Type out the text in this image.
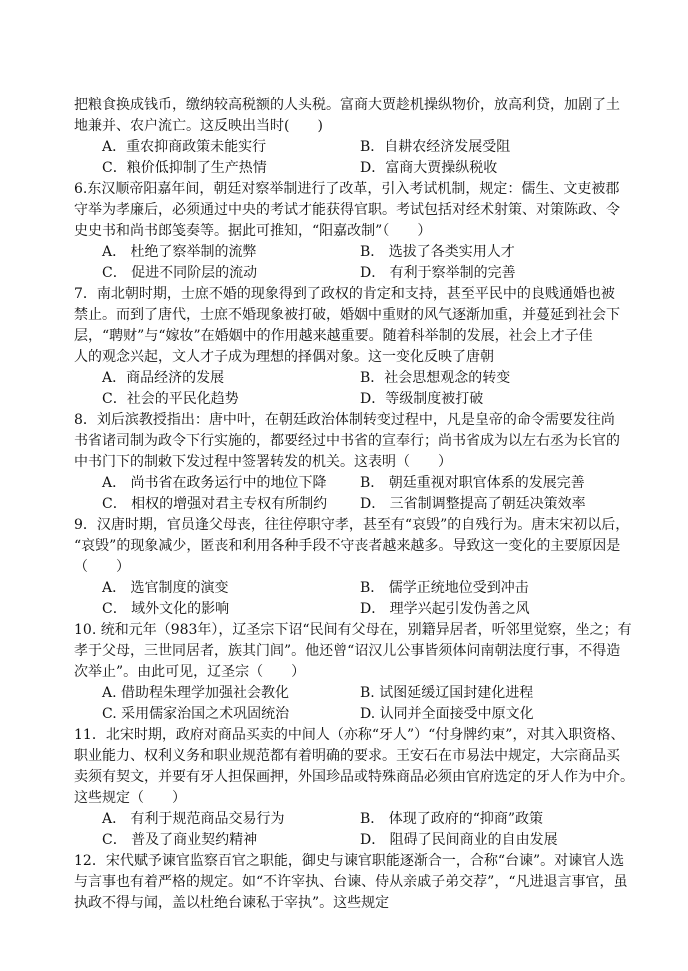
把粮食换成钱币，缴纳较高税额的人头税。富商大贾趁机操纵物价，放高利贷，加剧了土
地兼并、农户流亡。这反映出当时(　　)
A．重农抑商政策未能实行	B．自耕农经济发展受阻
C．粮价低抑制了生产热情	D．富商大贾操纵税收
6.东汉顺帝阳嘉年间，朝廷对察举制进行了改革，引入考试机制，规定：儒生、文吏被郡
守举为孝廉后，必须通过中央的考试才能获得官职。考试包括对经术射策、对策陈政、令
史史书和尚书郎笺奏等。据此可推知，“阳嘉改制”（　　）
A． 杜绝了察举制的流弊	B． 选拔了各类实用人才
C． 促进不同阶层的流动	D． 有利于察举制的完善
7．南北朝时期，士庶不婚的现象得到了政权的肯定和支持，甚至平民中的良贱通婚也被
禁止。而到了唐代，士庶不婚现象被打破，婚姻中重财的风气逐渐加重，并蔓延到社会下
层，“聘财”与“嫁妆”在婚姻中的作用越来越重要。随着科举制的发展，社会上才子佳
人的观念兴起，文人才子成为理想的择偶对象。这一变化反映了唐朝
A．商品经济的发展	B．社会思想观念的转变
C．社会的平民化趋势	D．等级制度被打破
8．刘后滨教授指出：唐中叶，在朝廷政治体制转变过程中，凡是皇帝的命令需要发往尚
书省诸司制为政令下行实施的，都要经过中书省的宣奉行；尚书省成为以左右丞为长官的
中书门下的制敕下发过程中签署转发的机关。这表明（　　）
A． 尚书省在政务运行中的地位下降	B． 朝廷重视对职官体系的发展完善
C． 相权的增强对君主专权有所制约	D． 三省制调整提高了朝廷决策效率
9．汉唐时期，官员逢父母丧，往往停职守孝，甚至有“哀毁”的自残行为。唐末宋初以后，
“哀毁”的现象减少，匿丧和利用各种手段不守丧者越来越多。导致这一变化的主要原因是
（　　）
A． 选官制度的演变	B． 儒学正统地位受到冲击
C． 域外文化的影响	D． 理学兴起引发伪善之风
10. 统和元年（983年），辽圣宗下诏“民间有父母在，别籍异居者，听邻里觉察，坐之；有
孝于父母，三世同居者，族其门闾”。他还曾“诏汉儿公事皆须体问南朝法度行事，不得造
次举止”。由此可见，辽圣宗（　　）
A. 借助程朱理学加强社会教化	B. 试图延缓辽国封建化进程
C. 采用儒家治国之术巩固统治	D. 认同并全面接受中原文化
11．北宋时期，政府对商品买卖的中间人（亦称“牙人”）“付身牌约束”，对其入职资格、
职业能力、权利义务和职业规范都有着明确的要求。王安石在市易法中规定，大宗商品买
卖须有契文，并要有牙人担保画押，外国珍品或特殊商品必须由官府选定的牙人作为中介。
这些规定（　　）
A． 有利于规范商品交易行为	B． 体现了政府的“抑商”政策
C． 普及了商业契约精神	D． 阻碍了民间商业的自由发展
12．宋代赋予谏官监察百官之职能，御史与谏官职能逐渐合一，合称“台谏”。对谏官人选
与言事也有着严格的规定。如“不许宰执、台谏、侍从亲戚子弟交荐”，“凡进退言事官，虽
执政不得与闻，盖以杜绝台谏私于宰执”。这些规定
